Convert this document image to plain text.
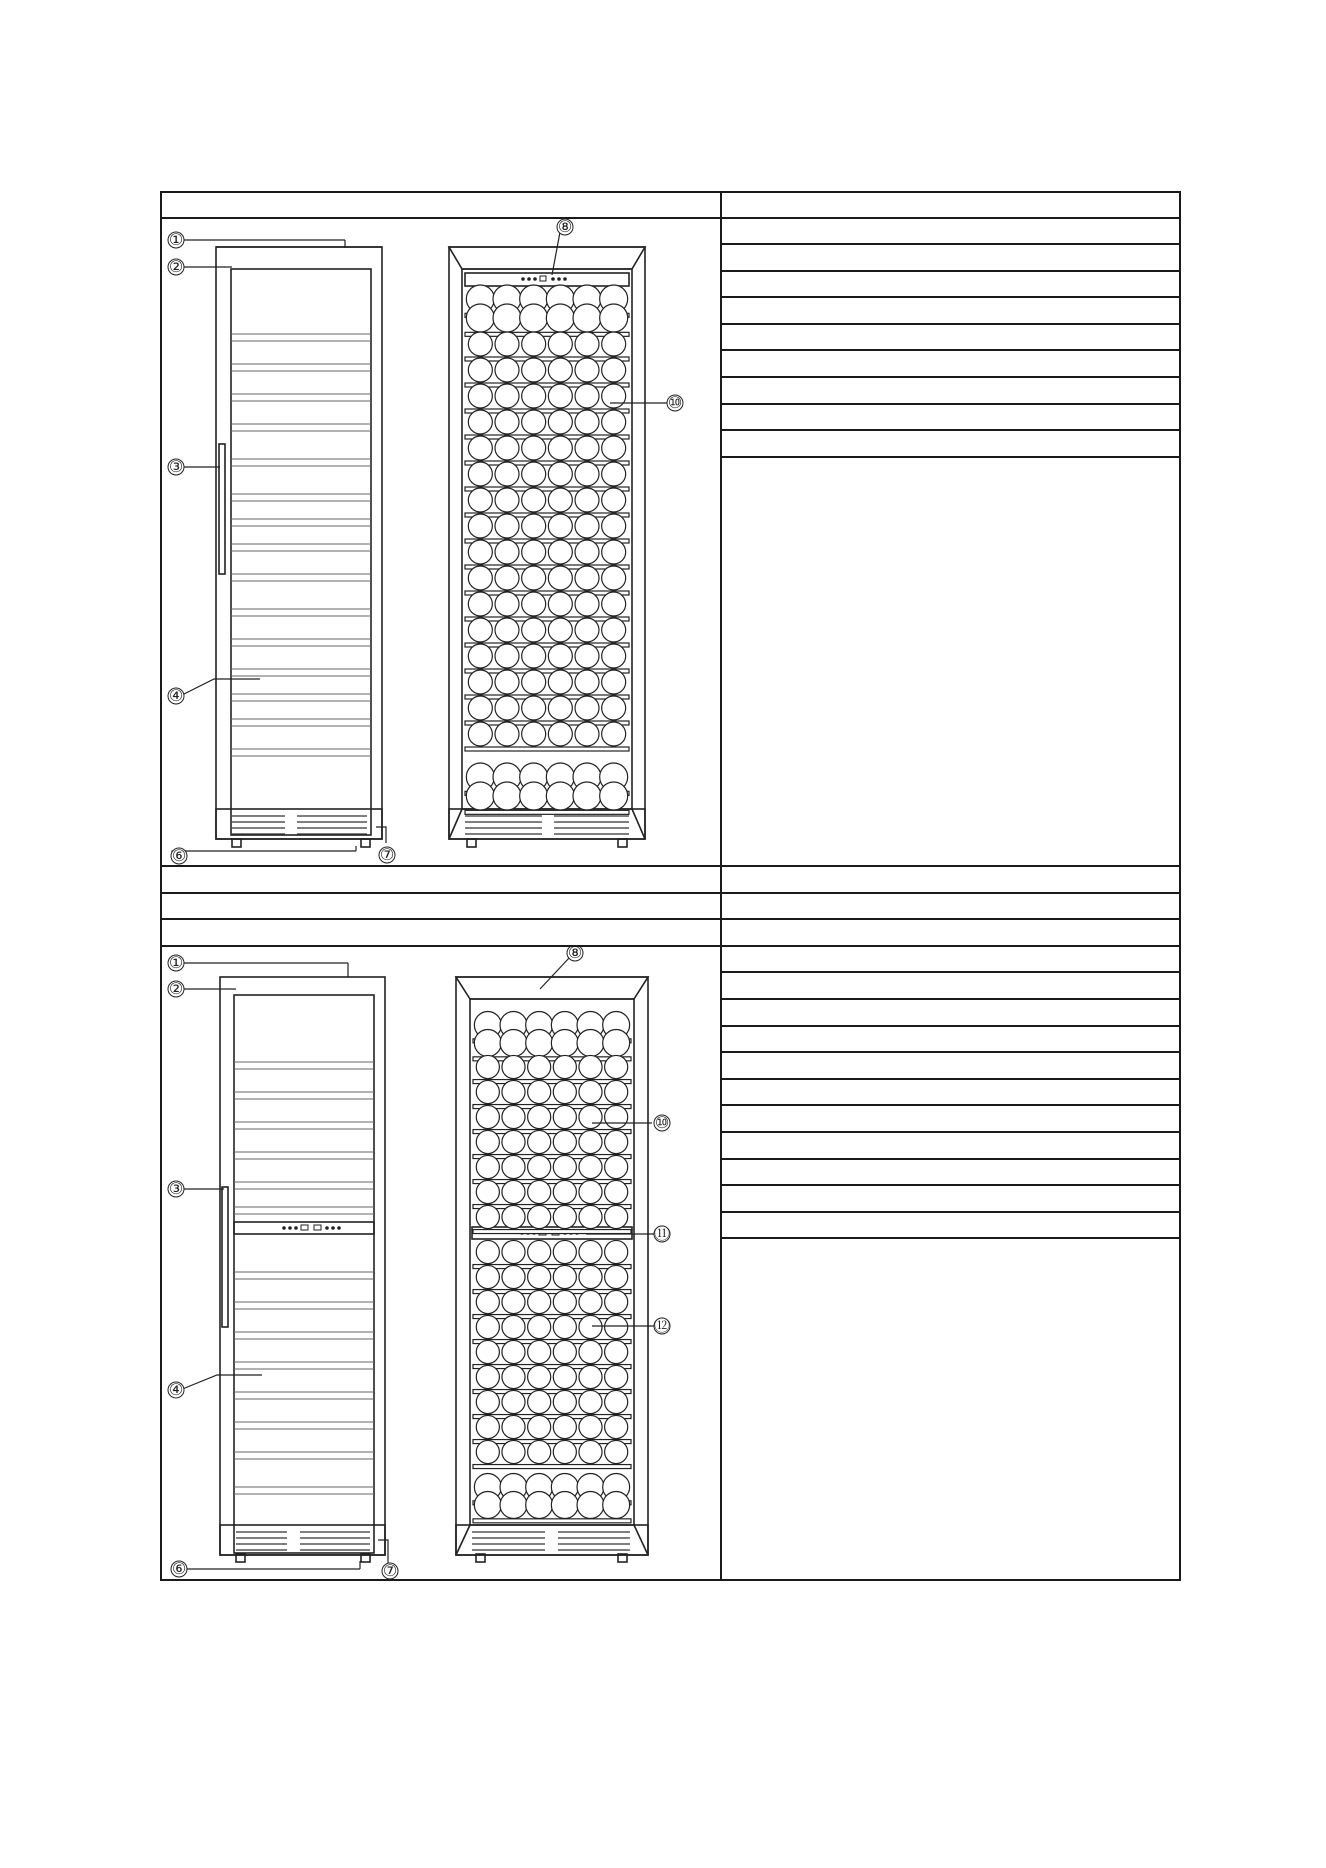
①
②
③
④
⑥	⑦
⑧
⑩
①
②
③
④
⑥	⑦
⑧
⑩
⑪
⑫
